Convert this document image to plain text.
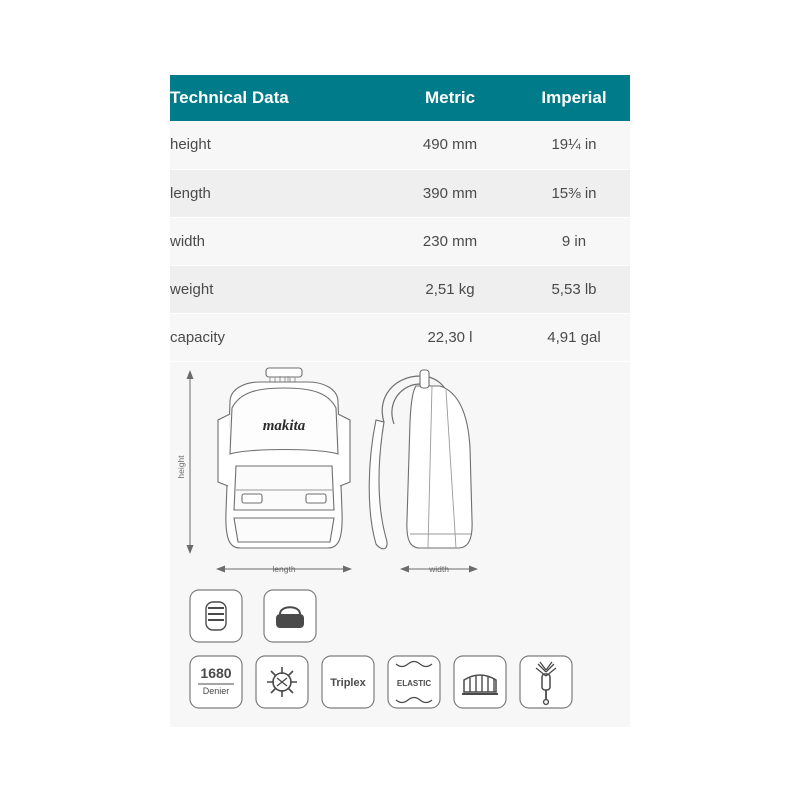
Technical Data	Metric	Imperial
height	490 mm	19¼ in
length	390 mm	15⅜ in
width	230 mm	9 in
weight	2,51 kg	5,53 lb
capacity	22,30 l	4,91 gal
height
length	width
makita
1680
Denier
Triplex	ELASTIC
